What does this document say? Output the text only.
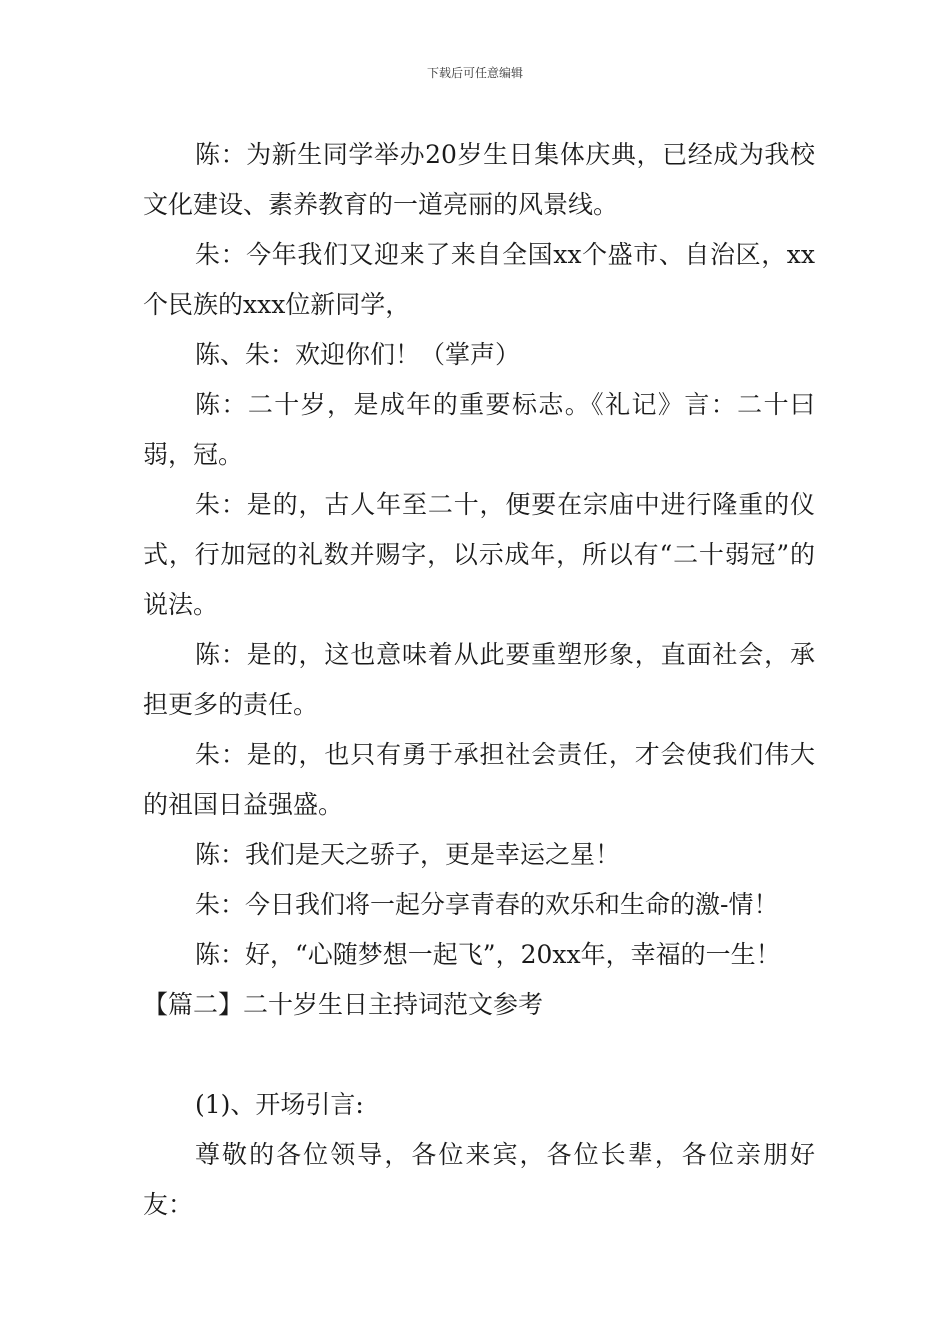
下载后可任意编辑

陈：为新生同学举办20岁生日集体庆典，已经成为我校文化建设、素养教育的一道亮丽的风景线。

朱：今年我们又迎来了来自全国xx个盛市、自治区，xx个民族的xxx位新同学，

陈、朱：欢迎你们！（掌声）

陈：二十岁，是成年的重要标志。《礼记》言：二十曰弱，冠。

朱：是的，古人年至二十，便要在宗庙中进行隆重的仪式，行加冠的礼数并赐字，以示成年，所以有“二十弱冠”的说法。

陈：是的，这也意味着从此要重塑形象，直面社会，承担更多的责任。

朱：是的，也只有勇于承担社会责任，才会使我们伟大的祖国日益强盛。

陈：我们是天之骄子，更是幸运之星！

朱：今日我们将一起分享青春的欢乐和生命的激-情！

陈：好，“心随梦想一起飞”，20xx年，幸福的一生！

【篇二】二十岁生日主持词范文参考

(1)、开场引言:

尊敬的各位领导，各位来宾，各位长辈，各位亲朋好友：
